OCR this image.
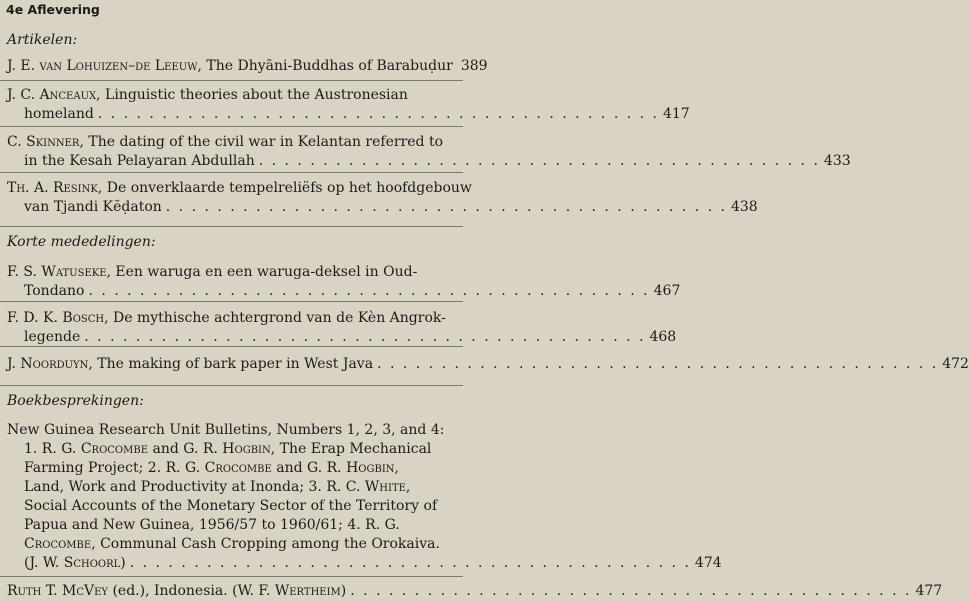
4e Aflevering
Artikelen:
J. E. van Lohuizen–de Leeuw, The Dhyāni-Buddhas of Barabuḍur 389
J. C. Anceaux, Linguistic theories about the Austronesian
homeland . . . . . . . . . . . . . . . . . . . . . . . . . . . . . . . . . . . . . . . . . . . . 417
C. Skinner, The dating of the civil war in Kelantan referred to
in the Kesah Pelayaran Abdullah . . . . . . . . . . . . . . . . . . . . . . . . . . . . . . . . . . . . . . . . . . . . 433
Th. A. Resink, De onverklaarde tempelreliëfs op het hoofdgebouw
van Tjandi Kĕḍaton . . . . . . . . . . . . . . . . . . . . . . . . . . . . . . . . . . . . . . . . . . . . 438
Korte mededelingen:
F. S. Watuseke, Een waruga en een waruga-deksel in Oud-
Tondano . . . . . . . . . . . . . . . . . . . . . . . . . . . . . . . . . . . . . . . . . . . . 467
F. D. K. Bosch, De mythische achtergrond van de Kèn Angrok-
legende . . . . . . . . . . . . . . . . . . . . . . . . . . . . . . . . . . . . . . . . . . . . 468
J. Noorduyn, The making of bark paper in West Java . . . . . . . . . . . . . . . . . . . . . . . . . . . . . . . . . . . . . . . . . . . . 472
Boekbesprekingen:
New Guinea Research Unit Bulletins, Numbers 1, 2, 3, and 4:
1. R. G. Crocombe and G. R. Hogbin, The Erap Mechanical
Farming Project; 2. R. G. Crocombe and G. R. Hogbin,
Land, Work and Productivity at Inonda; 3. R. C. White,
Social Accounts of the Monetary Sector of the Territory of
Papua and New Guinea, 1956/57 to 1960/61; 4. R. G.
Crocombe, Communal Cash Cropping among the Orokaiva.
(J. W. Schoorl) . . . . . . . . . . . . . . . . . . . . . . . . . . . . . . . . . . . . . . . . . . . . 474
Ruth T. McVey (ed.), Indonesia. (W. F. Wertheim) . . . . . . . . . . . . . . . . . . . . . . . . . . . . . . . . . . . . . . . . . . . . 477
